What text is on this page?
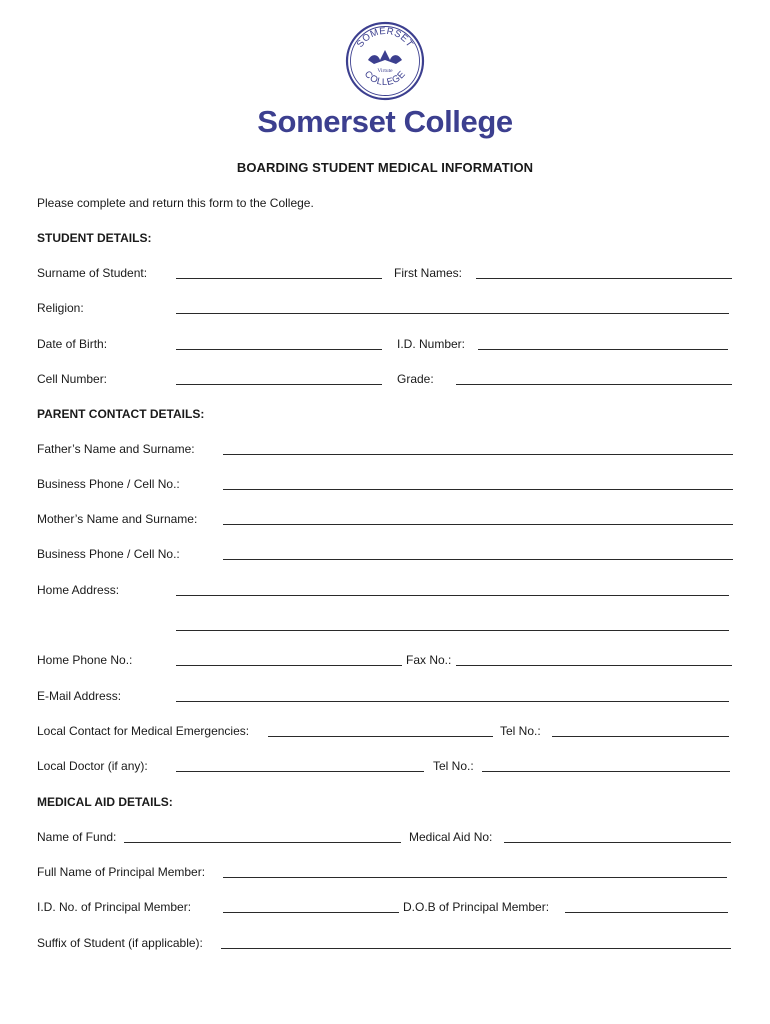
SOMERSET
COLLEGE
Virtute
Somerset College
BOARDING STUDENT MEDICAL INFORMATION
Please complete and return this form to the College.
STUDENT DETAILS:
Surname of Student:	First Names:
Religion:
Date of Birth:	I.D. Number:
Cell Number:	Grade:
PARENT CONTACT DETAILS:
Father’s Name and Surname:
Business Phone / Cell No.:
Mother’s Name and Surname:
Business Phone / Cell No.:
Home Address:
Home Phone No.:	Fax No.:
E-Mail Address:
Local Contact for Medical Emergencies:	Tel No.:
Local Doctor (if any):	Tel No.:
MEDICAL AID DETAILS:
Name of Fund:	Medical Aid No:
Full Name of Principal Member:
I.D. No. of Principal Member:	D.O.B of Principal Member:
Suffix of Student (if applicable):
